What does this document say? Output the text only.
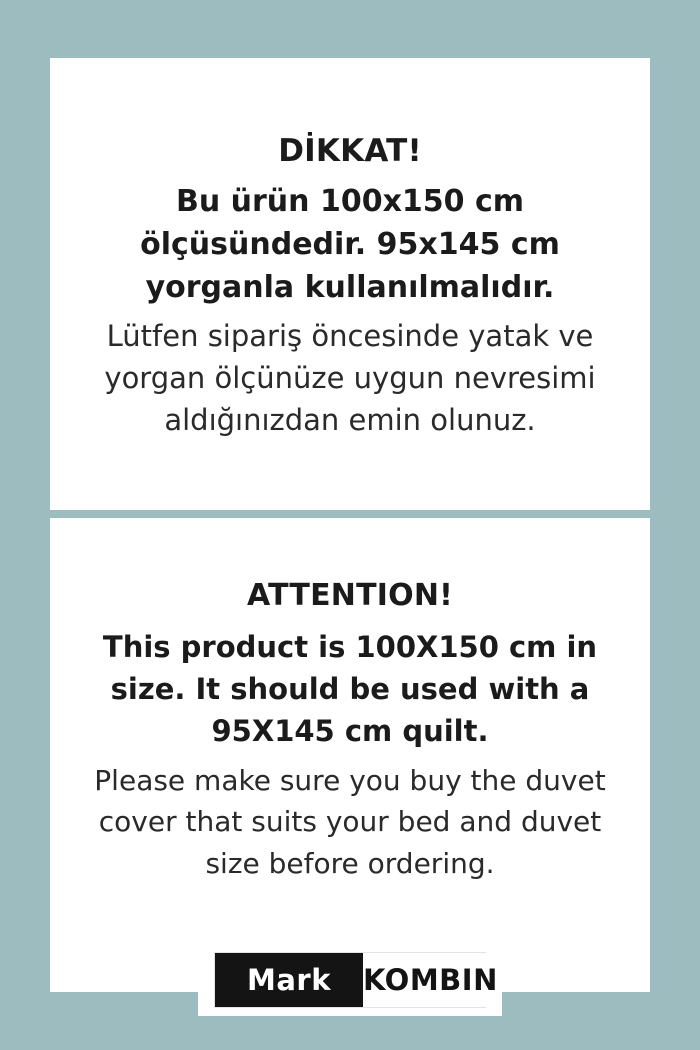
DİKKAT!

Bu ürün 100x150 cm ölçüsündedir. 95x145 cm yorganla kullanılmalıdır.

Lütfen sipariş öncesinde yatak ve yorgan ölçünüze uygun nevresimi aldığınızdan emin olunuz.

ATTENTION!

This product is 100X150 cm in size. It should be used with a 95X145 cm quilt.

Please make sure you buy the duvet cover that suits your bed and duvet size before ordering.

Mark	KOMBIN
